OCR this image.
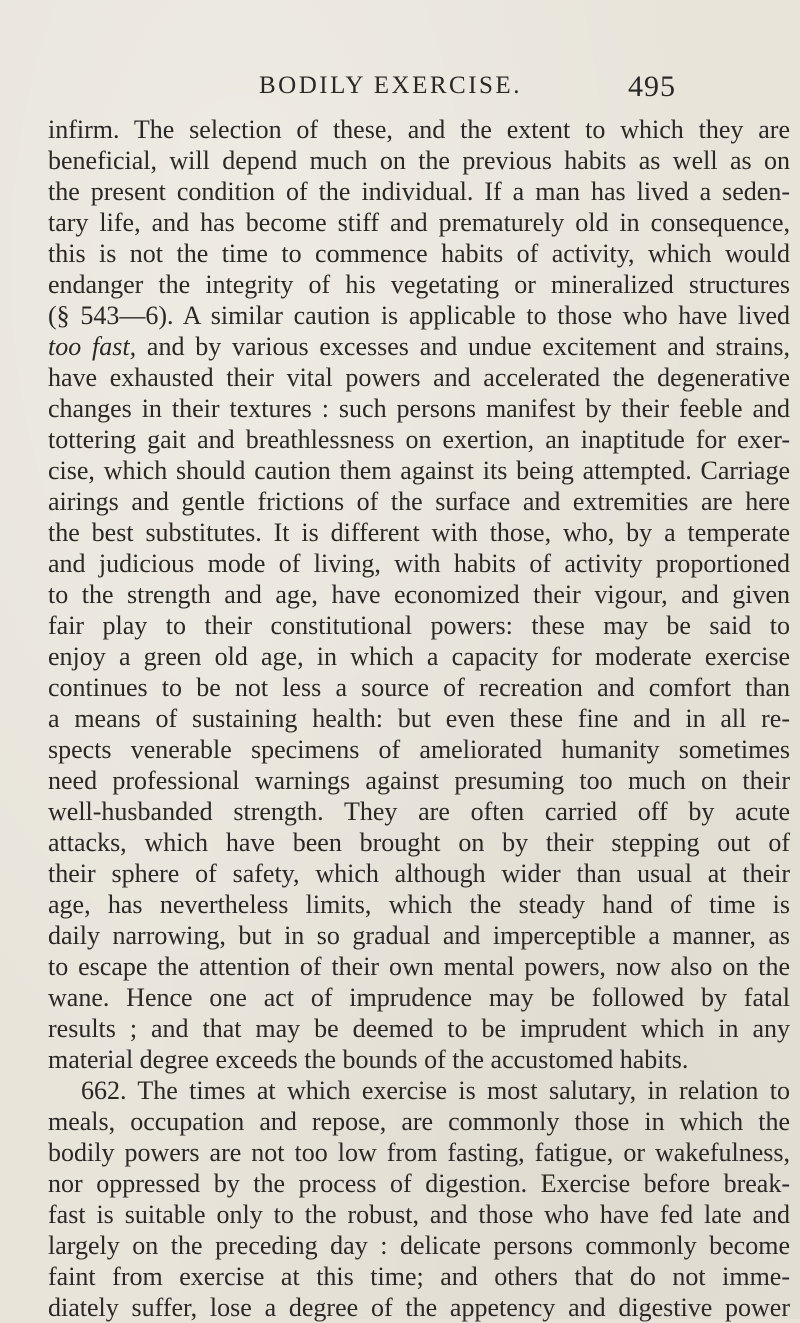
BODILY EXERCISE.	495
infirm. The selection of these, and the extent to which they are
beneficial, will depend much on the previous habits as well as on
the present condition of the individual. If a man has lived a seden-
tary life, and has become stiff and prematurely old in consequence,
this is not the time to commence habits of activity, which would
endanger the integrity of his vegetating or mineralized structures
(§ 543—6). A similar caution is applicable to those who have lived
too fast, and by various excesses and undue excitement and strains,
have exhausted their vital powers and accelerated the degenerative
changes in their textures : such persons manifest by their feeble and
tottering gait and breathlessness on exertion, an inaptitude for exer-
cise, which should caution them against its being attempted. Carriage
airings and gentle frictions of the surface and extremities are here
the best substitutes. It is different with those, who, by a temperate
and judicious mode of living, with habits of activity proportioned
to the strength and age, have economized their vigour, and given
fair play to their constitutional powers: these may be said to
enjoy a green old age, in which a capacity for moderate exercise
continues to be not less a source of recreation and comfort than
a means of sustaining health: but even these fine and in all re-
spects venerable specimens of ameliorated humanity sometimes
need professional warnings against presuming too much on their
well-husbanded strength. They are often carried off by acute
attacks, which have been brought on by their stepping out of
their sphere of safety, which although wider than usual at their
age, has nevertheless limits, which the steady hand of time is
daily narrowing, but in so gradual and imperceptible a manner, as
to escape the attention of their own mental powers, now also on the
wane. Hence one act of imprudence may be followed by fatal
results ; and that may be deemed to be imprudent which in any
material degree exceeds the bounds of the accustomed habits.
662. The times at which exercise is most salutary, in relation to
meals, occupation and repose, are commonly those in which the
bodily powers are not too low from fasting, fatigue, or wakefulness,
nor oppressed by the process of digestion. Exercise before break-
fast is suitable only to the robust, and those who have fed late and
largely on the preceding day : delicate persons commonly become
faint from exercise at this time; and others that do not imme-
diately suffer, lose a degree of the appetency and digestive power
